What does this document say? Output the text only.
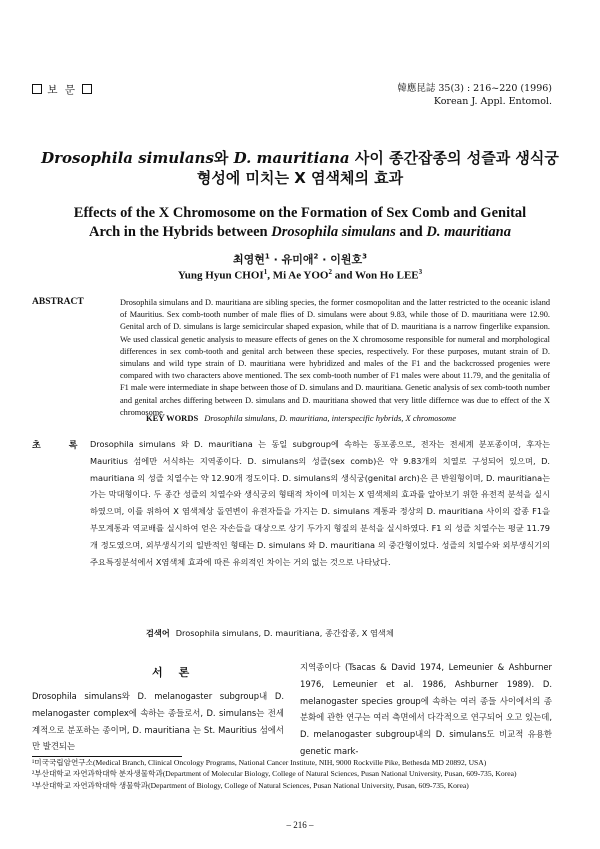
보 문	韓應昆誌 35(3) : 216~220 (1996)
Korean J. Appl. Entomol.
Drosophila simulans와 D. mauritiana 사이 종간잡종의 성즐과 생식궁
형성에 미치는 X 염색체의 효과
Effects of the X Chromosome on the Formation of Sex Comb and Genital
Arch in the Hybrids between Drosophila simulans and D. mauritiana
최영현$^1$ · 유미애$^2$ · 이원호$^3$
Yung Hyun CHOI$^1$, Mi Ae YOO$^2$ and Won Ho LEE$^3$
ABSTRACT	Drosophila simulans and D. mauritiana are sibling species, the former cosmopolitan and the latter restricted to the oceanic island of Mauritius. Sex comb-tooth number of male flies of D. simulans were about 9.83, while those of D. mauritiana were 12.90. Genital arch of D. simulans is large semicircular shaped expasion, while that of D. mauritiana is a narrow fingerlike expansion. We used classical genetic analysis to measure effects of genes on the X chromosome responsible for numeral and morphological differences in sex comb-tooth and genital arch between these species, respectively. For these purposes, mutant strain of D. simulans and wild type strain of D. mauritiana were hybridized and males of the F1 and the backcrossed progenies were compared with two characters above mentioned. The sex comb-tooth number of F1 males were about 11.79, and the genitalia of F1 male were intermediate in shape between those of D. simulans and D. mauritiana. Genetic analysis of sex comb-tooth number and genital arches differing between D. simulans and D. mauritiana showed that very little differnce was due to effect of the X chromosome.
KEY WORDS Drosophila simulans, D. mauritiana, interspecific hybrids, X chromosome
초록
Drosophila simulans 와 D. mauritiana 는 동일 subgroup에 속하는 동포종으로, 전자는 전세계 분포종이며, 후자는 Mauritius 섬에만 서식하는 지역종이다. D. simulans의 성즐(sex comb)은 약 9.83개의 치열로 구성되어 있으며, D. mauritiana 의 성즐 치열수는 약 12.90개 정도이다. D. simulans의 생식궁(genital arch)은 큰 반원형이며, D. mauritiana는 가는 막대형이다. 두 종간 성즐의 치열수와 생식궁의 형태적 차이에 미치는 X 염색체의 효과를 알아보기 위한 유전적 분석을 실시하였으며, 이를 위하여 X 염색체상 돌연변이 유전자들을 가지는 D. simulans 계통과 정상의 D. mauritiana 사이의 잡종 F1을 부모계통과 역교배를 실시하여 얻은 자손들을 대상으로 상기 두가지 형질의 분석을 실시하였다. F1 의 성즐 치열수는 평균 11.79개 정도였으며, 외부생식기의 일반적인 형태는 D. simulans 와 D. mauritiana 의 중간형이었다. 성즐의 치열수와 외부생식기의 주요특징분석에서 X염색체 효과에 따른 유의적인 차이는 거의 없는 것으로 나타났다.
검색어 Drosophila simulans, D. mauritiana, 종간잡종, X 염색체
서론
Drosophila simulans와 D. melanogaster subgroup내 D. melanogaster complex에 속하는 종들로서, D. simulans는 전세계적으로 분포하는 종이며, D. mauritiana 는 St. Mauritius 섬에서만 발견되는
지역종이다 (Tsacas & David 1974, Lemeunier & Ashburner 1976, Lemeunier et al. 1986, Ashburner 1989). D. melanogaster species group에 속하는 여러 종들 사이에서의 종분화에 관한 연구는 여러 측면에서 다각적으로 연구되어 오고 있는데, D. melanogaster subgroup내의 D. simulans도 비교적 유용한 genetic mark-

¹미국국립암연구소(Medical Branch, Clinical Oncology Programs, National Cancer Institute, NIH, 9000 Rockville Pike, Bethesda MD 20892, USA)

²부산대학교 자연과학대학 분자생물학과(Department of Molecular Biology, College of Natural Sciences, Pusan National University, Pusan, 609-735, Korea)

³부산대학교 자연과학대학 생물학과(Department of Biology, College of Natural Sciences, Pusan National University, Pusan, 609-735, Korea)

– 216 –
